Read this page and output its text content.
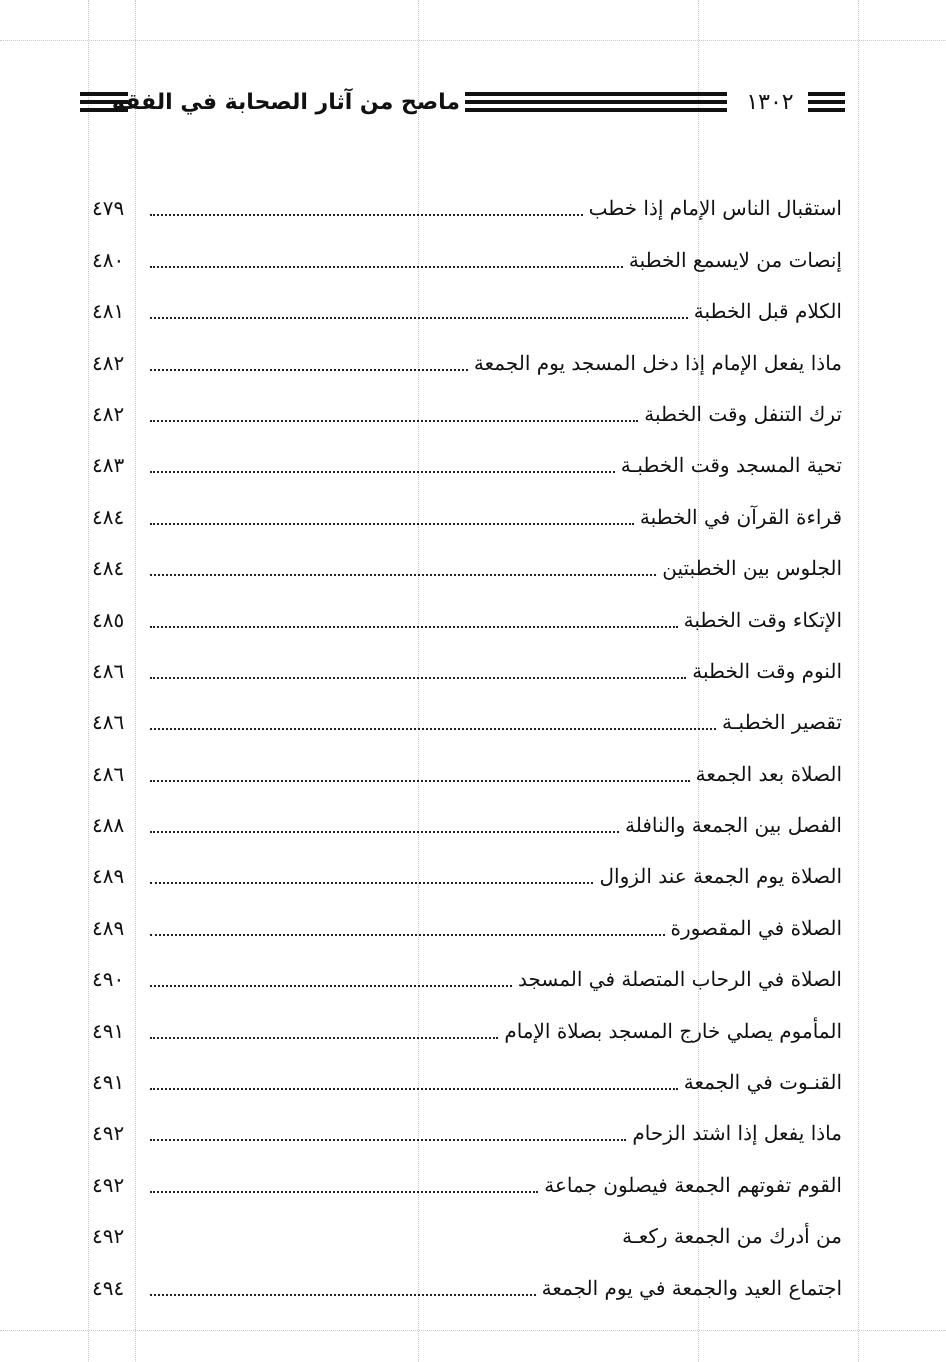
ماصح من آثار الصحابة في الفقه	١٣٠٢
استقبال الناس الإمام إذا خطب
٤٧٩
إنصات من لايسمع الخطبة
٤٨٠
الكلام قبل الخطبة
٤٨١
ماذا يفعل الإمام إذا دخل المسجد يوم الجمعة
٤٨٢
ترك التنفل وقت الخطبة
٤٨٢
تحية المسجد وقت الخطبـة
٤٨٣
قراءة القرآن في الخطبة
٤٨٤
الجلوس بين الخطبتين
٤٨٤
الإتكاء وقت الخطبة
٤٨٥
النوم وقت الخطبة
٤٨٦
تقصير الخطبـة
٤٨٦
الصلاة بعد الجمعة
٤٨٦
الفصل بين الجمعة والنافلة
٤٨٨
الصلاة يوم الجمعة عند الزوال
٤٨٩
الصلاة في المقصورة
٤٨٩
الصلاة في الرحاب المتصلة في المسجد
٤٩٠
المأموم يصلي خارج المسجد بصلاة الإمام
٤٩١
القنـوت في الجمعة
٤٩١
ماذا يفعل إذا اشتد الزحام
٤٩٢
القوم تفوتهم الجمعة فيصلون جماعة
٤٩٢
من أدرك من الجمعة ركعـة
٤٩٢
اجتماع العيد والجمعة في يوم الجمعة
٤٩٤
